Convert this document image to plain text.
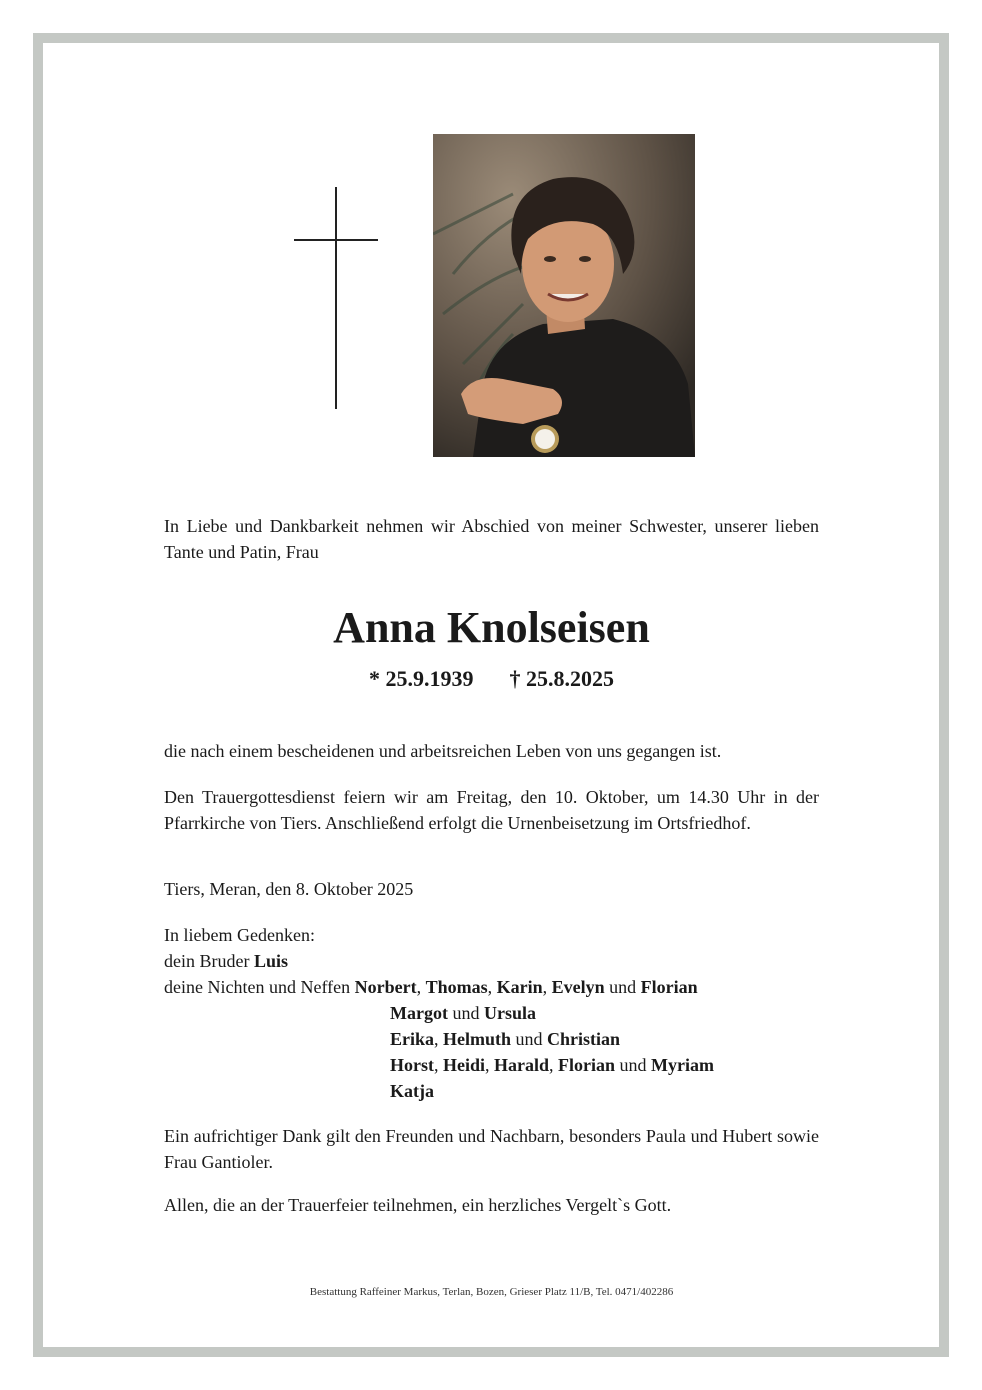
In Liebe und Dankbarkeit nehmen wir Abschied von meiner Schwester, unserer lieben Tante und Patin, Frau
Anna Knolseisen
* 25.9.1939 † 25.8.2025
die nach einem bescheidenen und arbeitsreichen Leben von uns gegangen ist.
Den Trauergottesdienst feiern wir am Freitag, den 10. Oktober, um 14.30 Uhr in der Pfarrkirche von Tiers. Anschließend erfolgt die Urnenbeisetzung im Ortsfriedhof.
Tiers, Meran, den 8. Oktober 2025
In liebem Gedenken:
dein Bruder Luis
deine Nichten und Neffen Norbert, Thomas, Karin, Evelyn und Florian
Margot und Ursula
Erika, Helmuth und Christian
Horst, Heidi, Harald, Florian und Myriam
Katja
Ein aufrichtiger Dank gilt den Freunden und Nachbarn, besonders Paula und Hubert sowie Frau Gantioler.
Allen, die an der Trauerfeier teilnehmen, ein herzliches Vergelt`s Gott.
Bestattung Raffeiner Markus, Terlan, Bozen, Grieser Platz 11/B, Tel. 0471/402286
